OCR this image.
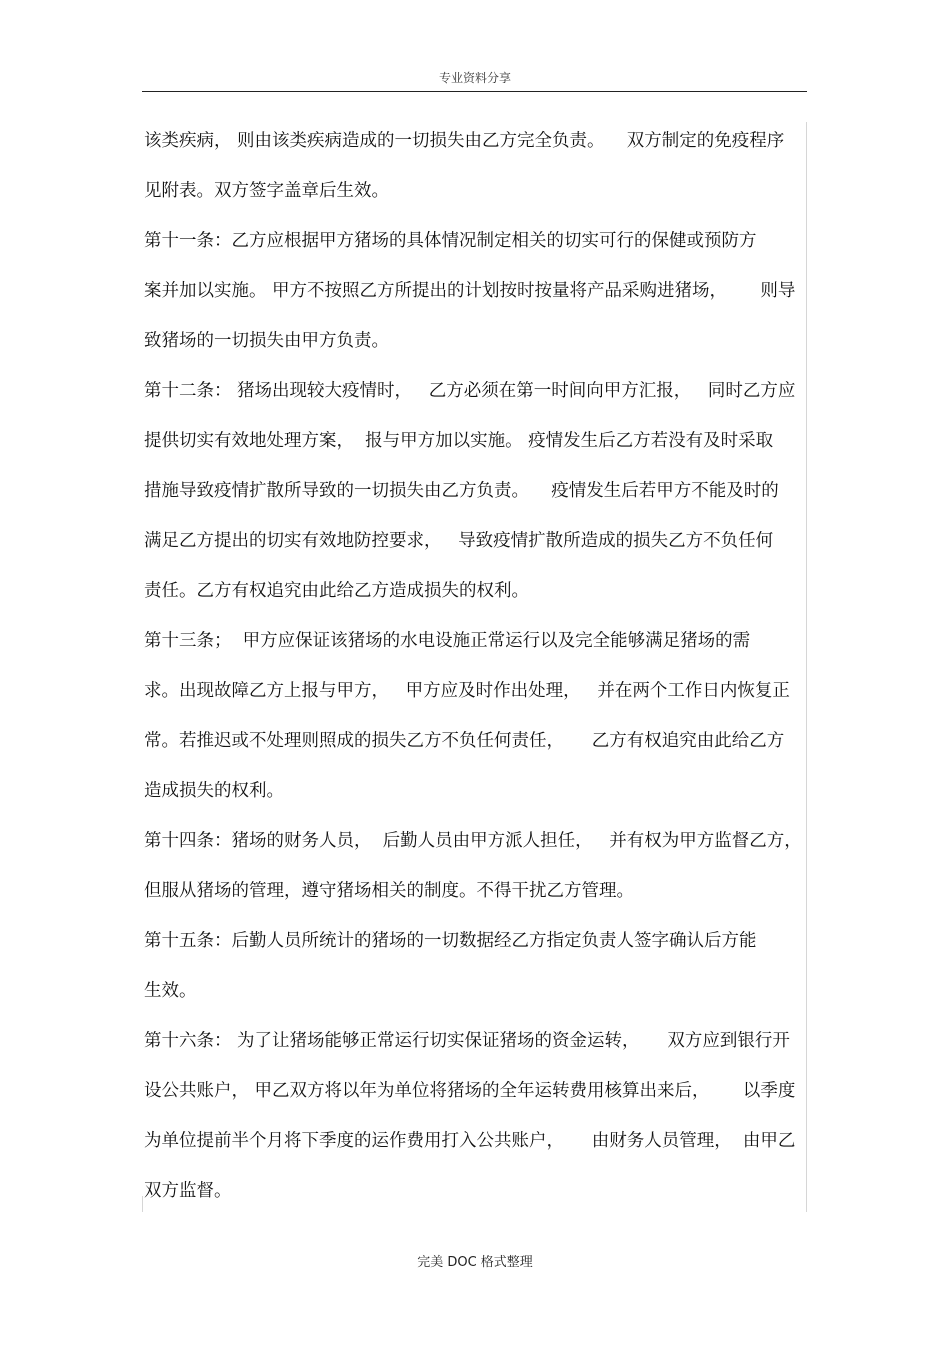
专业资料分享
该类疾病， 则由该类疾病造成的一切损失由乙方完全负责。    双方制定的免疫程序
见附表。双方签字盖章后生效。
第十一条：乙方应根据甲方猪场的具体情况制定相关的切实可行的保健或预防方
案并加以实施。 甲方不按照乙方所提出的计划按时按量将产品采购进猪场，      则导
致猪场的一切损失由甲方负责。
第十二条： 猪场出现较大疫情时，   乙方必须在第一时间向甲方汇报，   同时乙方应
提供切实有效地处理方案，  报与甲方加以实施。 疫情发生后乙方若没有及时采取
措施导致疫情扩散所导致的一切损失由乙方负责。    疫情发生后若甲方不能及时的
满足乙方提出的切实有效地防控要求，   导致疫情扩散所造成的损失乙方不负任何
责任。乙方有权追究由此给乙方造成损失的权利。
第十三条；  甲方应保证该猪场的水电设施正常运行以及完全能够满足猪场的需
求。出现故障乙方上报与甲方，   甲方应及时作出处理，   并在两个工作日内恢复正
常。若推迟或不处理则照成的损失乙方不负任何责任，     乙方有权追究由此给乙方
造成损失的权利。
第十四条：猪场的财务人员，  后勤人员由甲方派人担任，   并有权为甲方监督乙方，
但服从猪场的管理，遵守猪场相关的制度。不得干扰乙方管理。
第十五条：后勤人员所统计的猪场的一切数据经乙方指定负责人签字确认后方能
生效。
第十六条： 为了让猪场能够正常运行切实保证猪场的资金运转，     双方应到银行开
设公共账户， 甲乙双方将以年为单位将猪场的全年运转费用核算出来后，      以季度
为单位提前半个月将下季度的运作费用打入公共账户，     由财务人员管理，  由甲乙
双方监督。
完美 DOC 格式整理
